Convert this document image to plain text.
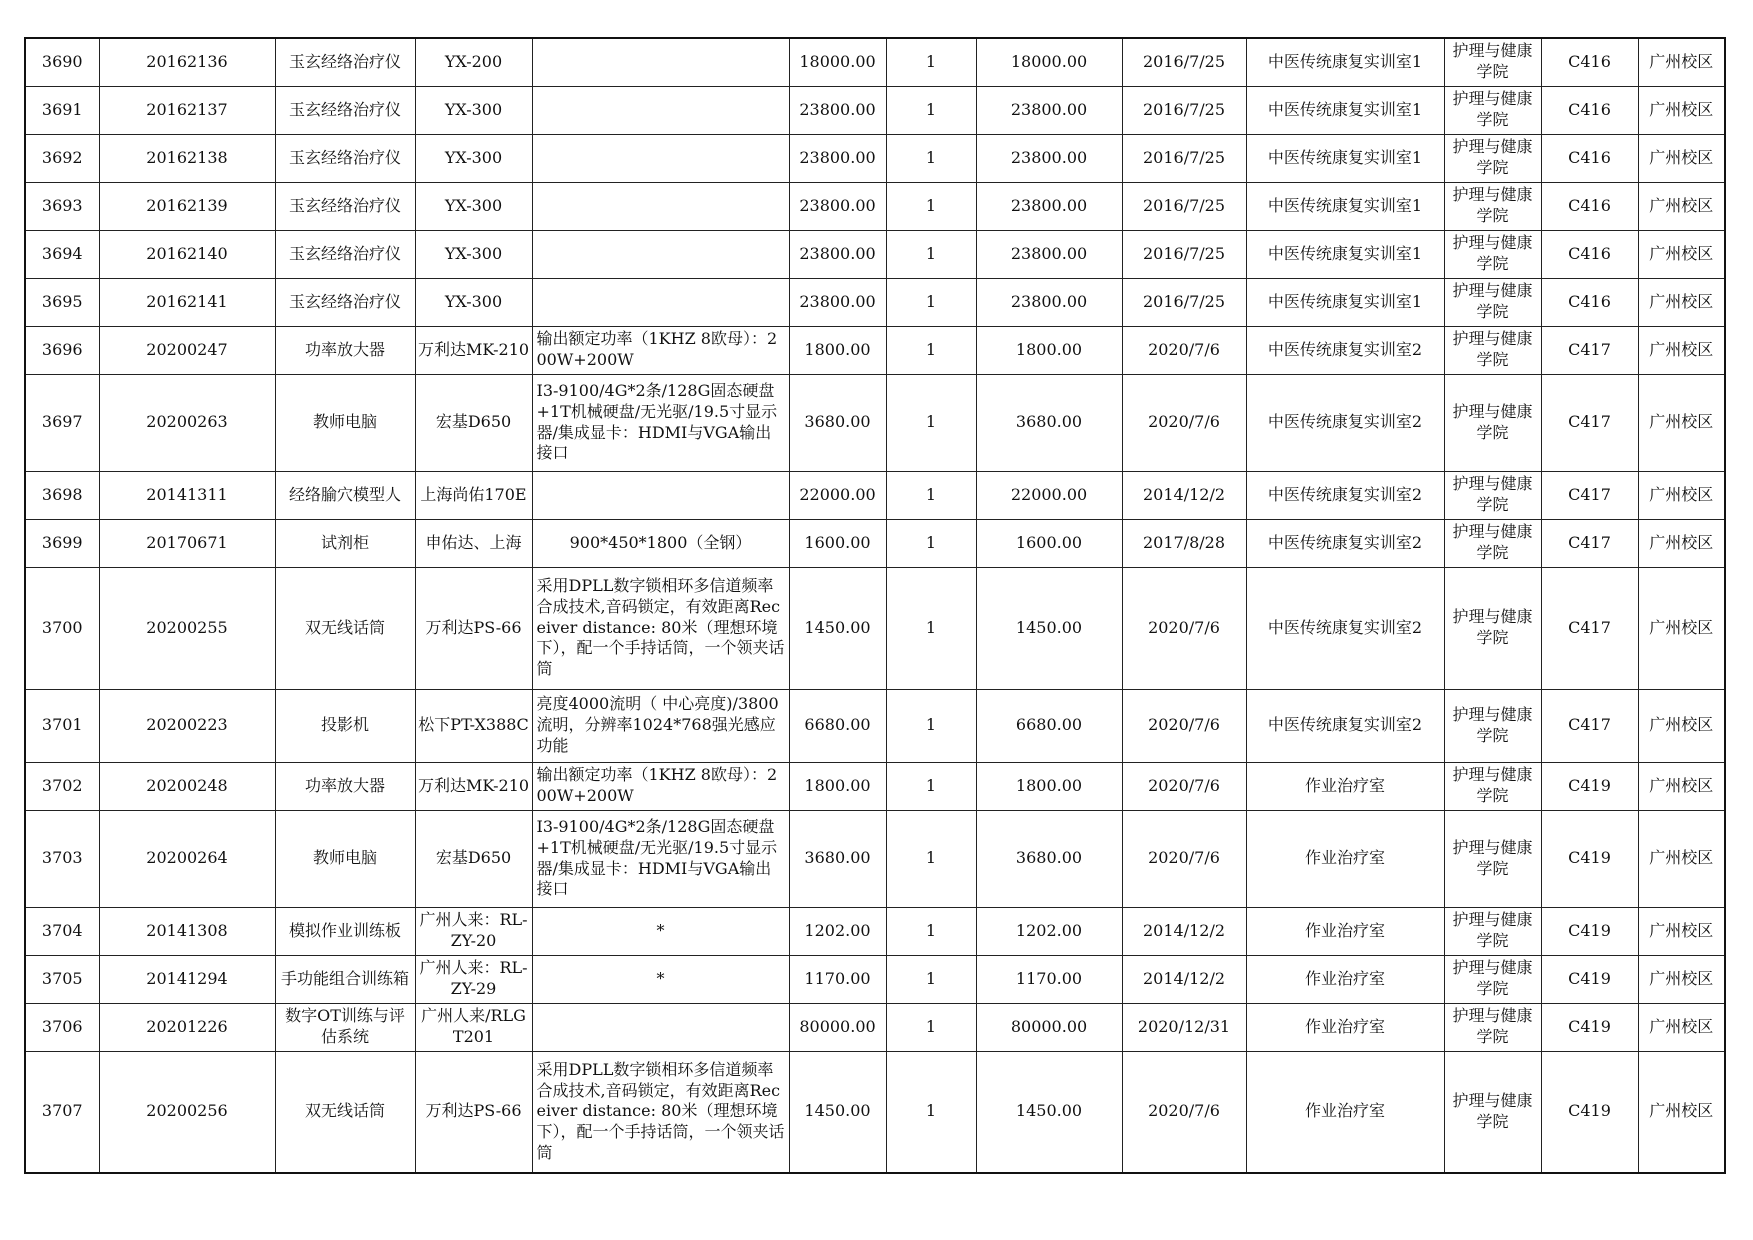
3690	20162136	玉玄经络治疗仪	YX-200		18000.00	1	18000.00	2016/7/25	中医传统康复实训室1	护理与健康学院	C416	广州校区
3691	20162137	玉玄经络治疗仪	YX-300		23800.00	1	23800.00	2016/7/25	中医传统康复实训室1	护理与健康学院	C416	广州校区
3692	20162138	玉玄经络治疗仪	YX-300		23800.00	1	23800.00	2016/7/25	中医传统康复实训室1	护理与健康学院	C416	广州校区
3693	20162139	玉玄经络治疗仪	YX-300		23800.00	1	23800.00	2016/7/25	中医传统康复实训室1	护理与健康学院	C416	广州校区
3694	20162140	玉玄经络治疗仪	YX-300		23800.00	1	23800.00	2016/7/25	中医传统康复实训室1	护理与健康学院	C416	广州校区
3695	20162141	玉玄经络治疗仪	YX-300		23800.00	1	23800.00	2016/7/25	中医传统康复实训室1	护理与健康学院	C416	广州校区
3696	20200247	功率放大器	万利达MK-210	输出额定功率（1KHZ 8欧母）：200W+200W	1800.00	1	1800.00	2020/7/6	中医传统康复实训室2	护理与健康学院	C417	广州校区
3697	20200263	教师电脑	宏基D650	I3-9100/4G*2条/128G固态硬盘+1T机械硬盘/无光驱/19.5寸显示器/集成显卡：HDMI与VGA输出接口	3680.00	1	3680.00	2020/7/6	中医传统康复实训室2	护理与健康学院	C417	广州校区
3698	20141311	经络腧穴模型人	上海尚佑170E		22000.00	1	22000.00	2014/12/2	中医传统康复实训室2	护理与健康学院	C417	广州校区
3699	20170671	试剂柜	申佑达、上海	900*450*1800（全钢）	1600.00	1	1600.00	2017/8/28	中医传统康复实训室2	护理与健康学院	C417	广州校区
3700	20200255	双无线话筒	万利达PS-66	采用DPLL数字锁相环多信道频率合成技术,音码锁定，有效距离Receiver distance: 80米（理想环境下），配一个手持话筒，一个领夹话筒	1450.00	1	1450.00	2020/7/6	中医传统康复实训室2	护理与健康学院	C417	广州校区
3701	20200223	投影机	松下PT-X388C	亮度4000流明（ 中心亮度)/3800流明，分辨率1024*768强光感应功能	6680.00	1	6680.00	2020/7/6	中医传统康复实训室2	护理与健康学院	C417	广州校区
3702	20200248	功率放大器	万利达MK-210	输出额定功率（1KHZ 8欧母）：200W+200W	1800.00	1	1800.00	2020/7/6	作业治疗室	护理与健康学院	C419	广州校区
3703	20200264	教师电脑	宏基D650	I3-9100/4G*2条/128G固态硬盘+1T机械硬盘/无光驱/19.5寸显示器/集成显卡：HDMI与VGA输出接口	3680.00	1	3680.00	2020/7/6	作业治疗室	护理与健康学院	C419	广州校区
3704	20141308	模拟作业训练板	广州人来：RL-ZY-20	*	1202.00	1	1202.00	2014/12/2	作业治疗室	护理与健康学院	C419	广州校区
3705	20141294	手功能组合训练箱	广州人来：RL-ZY-29	*	1170.00	1	1170.00	2014/12/2	作业治疗室	护理与健康学院	C419	广州校区
3706	20201226	数字OT训练与评估系统	广州人来/RLGT201		80000.00	1	80000.00	2020/12/31	作业治疗室	护理与健康学院	C419	广州校区
3707	20200256	双无线话筒	万利达PS-66	采用DPLL数字锁相环多信道频率合成技术,音码锁定，有效距离Receiver distance: 80米（理想环境下），配一个手持话筒，一个领夹话筒	1450.00	1	1450.00	2020/7/6	作业治疗室	护理与健康学院	C419	广州校区
